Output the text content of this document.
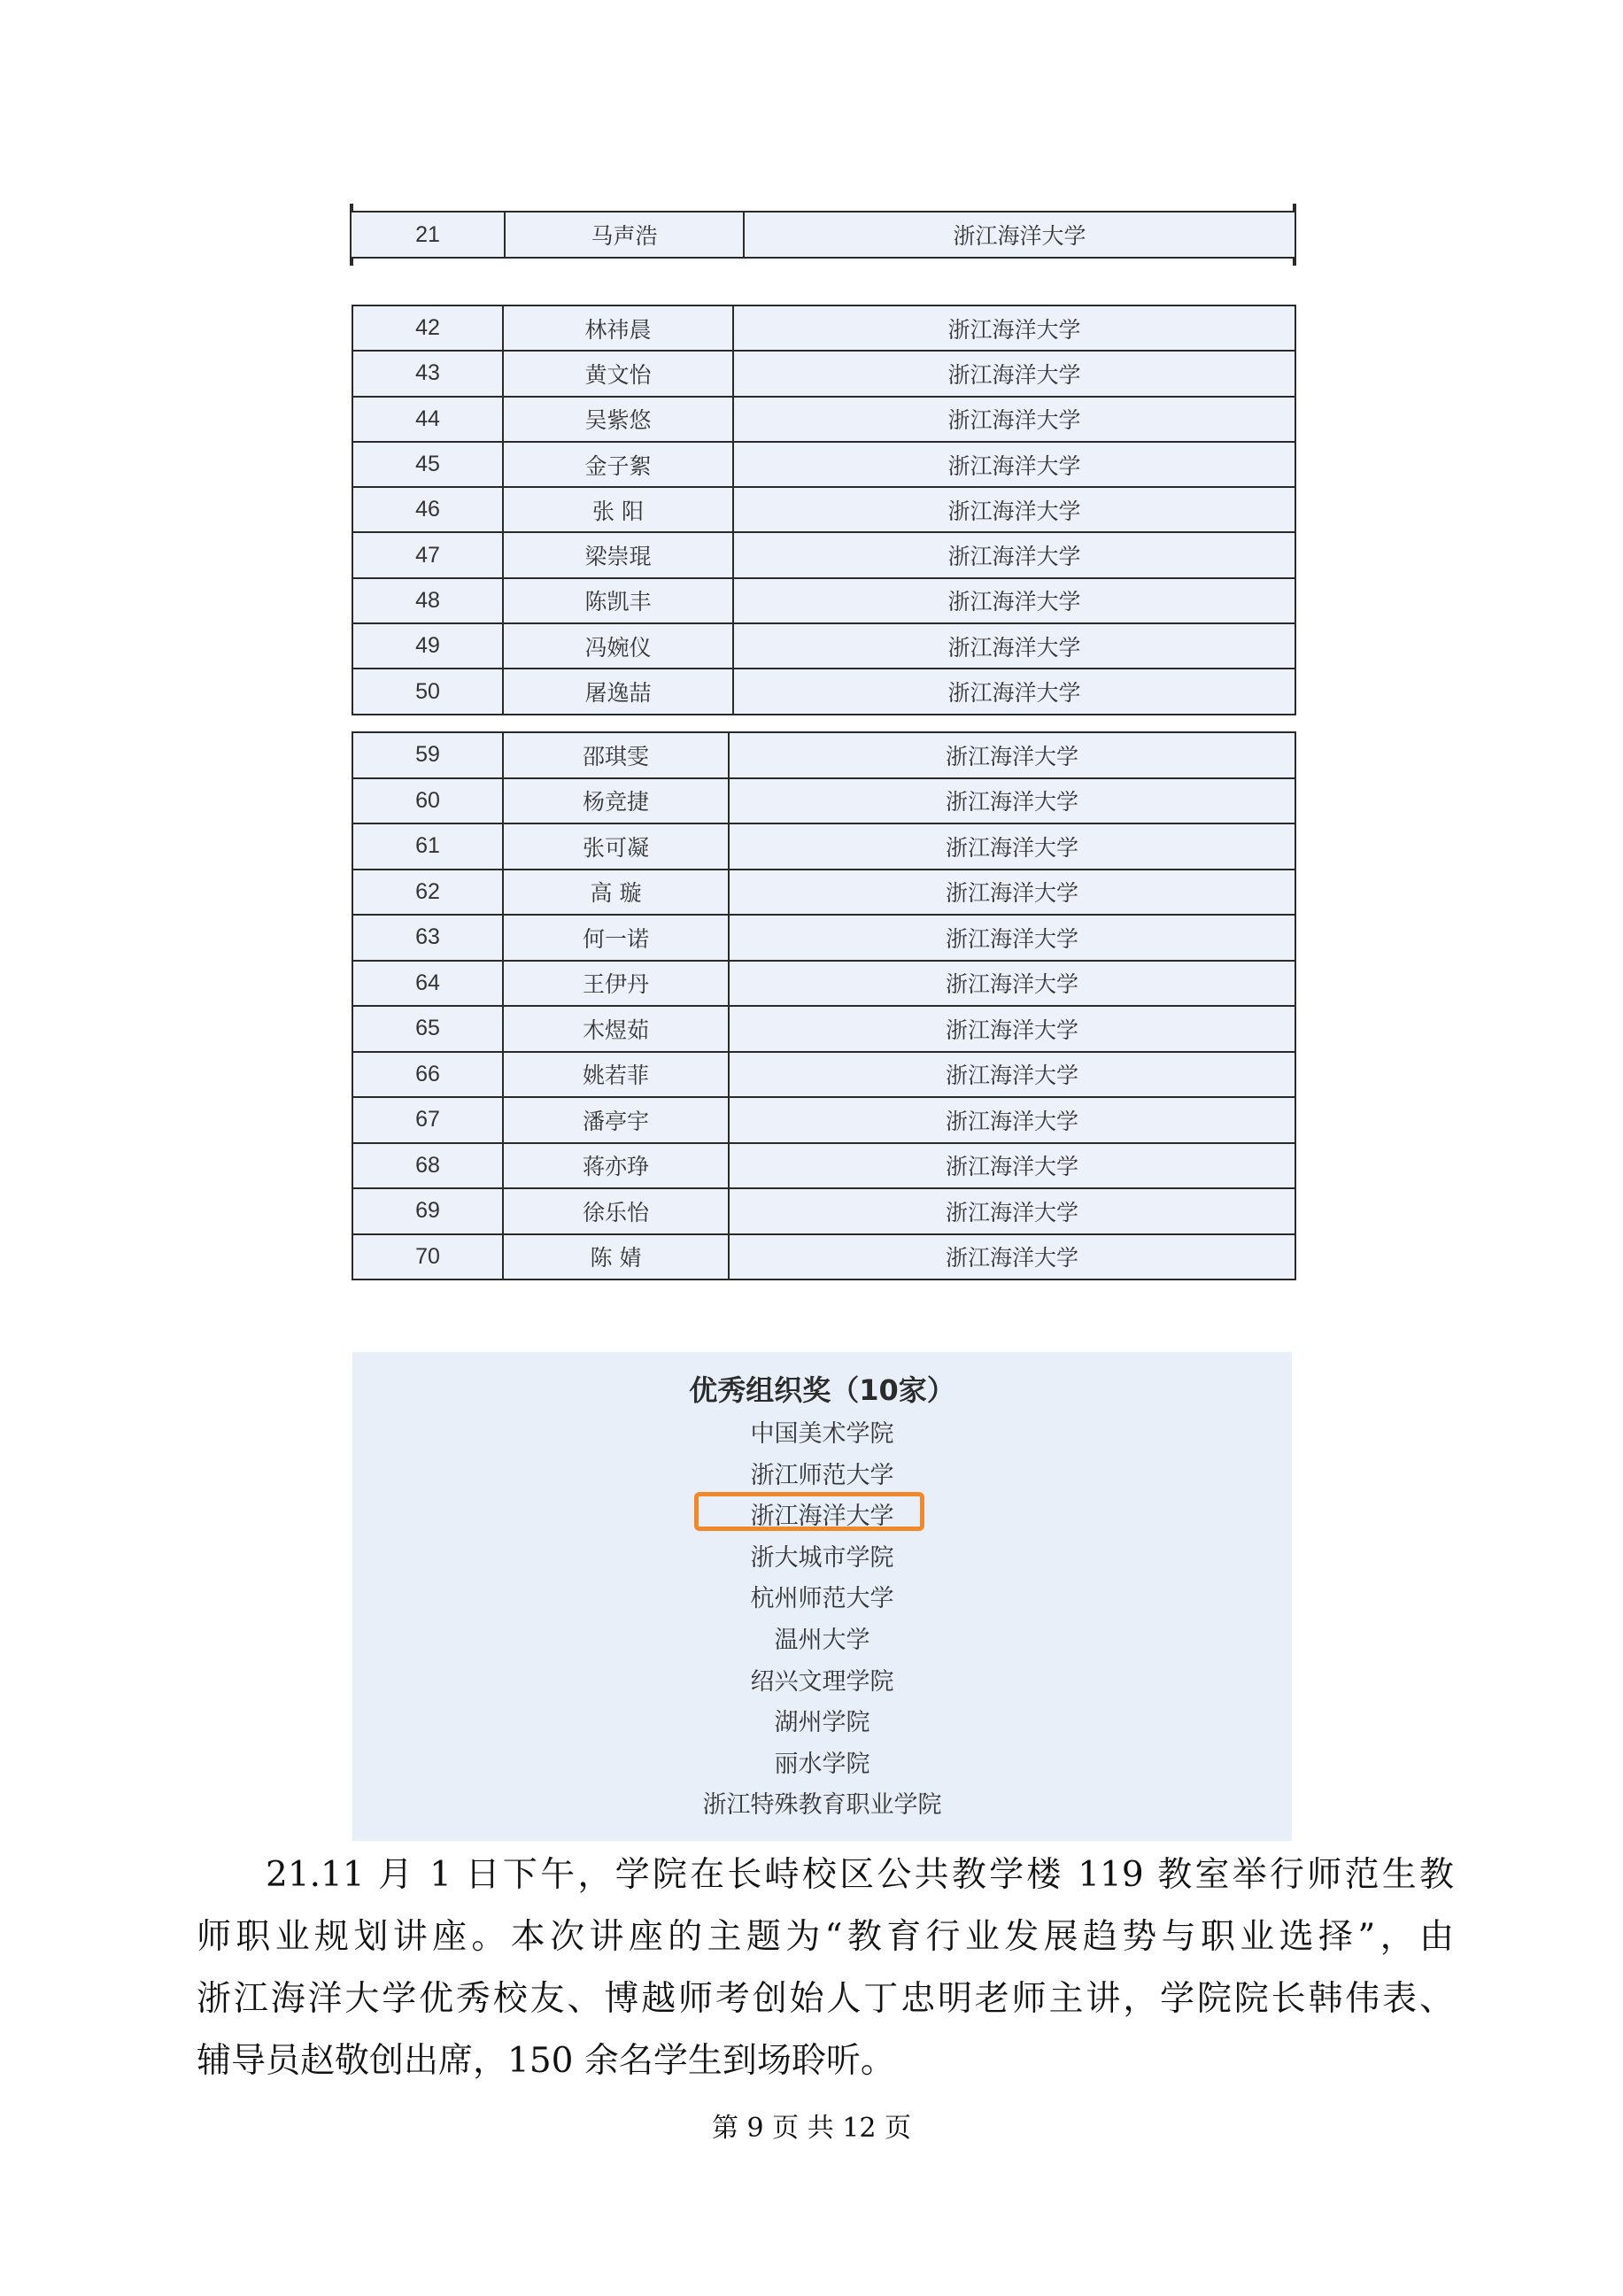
21	马声浩	浙江海洋大学
42	林祎晨	浙江海洋大学
43	黄文怡	浙江海洋大学
44	吴紫悠	浙江海洋大学
45	金子絮	浙江海洋大学
46	张 阳	浙江海洋大学
47	梁崇琨	浙江海洋大学
48	陈凯丰	浙江海洋大学
49	冯婉仪	浙江海洋大学
50	屠逸喆	浙江海洋大学
59	邵琪雯	浙江海洋大学
60	杨竞捷	浙江海洋大学
61	张可凝	浙江海洋大学
62	高 璇	浙江海洋大学
63	何一诺	浙江海洋大学
64	王伊丹	浙江海洋大学
65	木煜茹	浙江海洋大学
66	姚若菲	浙江海洋大学
67	潘亭宇	浙江海洋大学
68	蒋亦琤	浙江海洋大学
69	徐乐怡	浙江海洋大学
70	陈 婧	浙江海洋大学
优秀组织奖（10家）
中国美术学院
浙江师范大学
浙江海洋大学
浙大城市学院
杭州师范大学
温州大学
绍兴文理学院
湖州学院
丽水学院
浙江特殊教育职业学院
21.11 月 1 日下午，学院在长峙校区公共教学楼 119 教室举行师范生教
师职业规划讲座。本次讲座的主题为“教育行业发展趋势与职业选择”，由
浙江海洋大学优秀校友、博越师考创始人丁忠明老师主讲，学院院长韩伟表、
辅导员赵敬创出席，150 余名学生到场聆听。
第 9 页 共 12 页
